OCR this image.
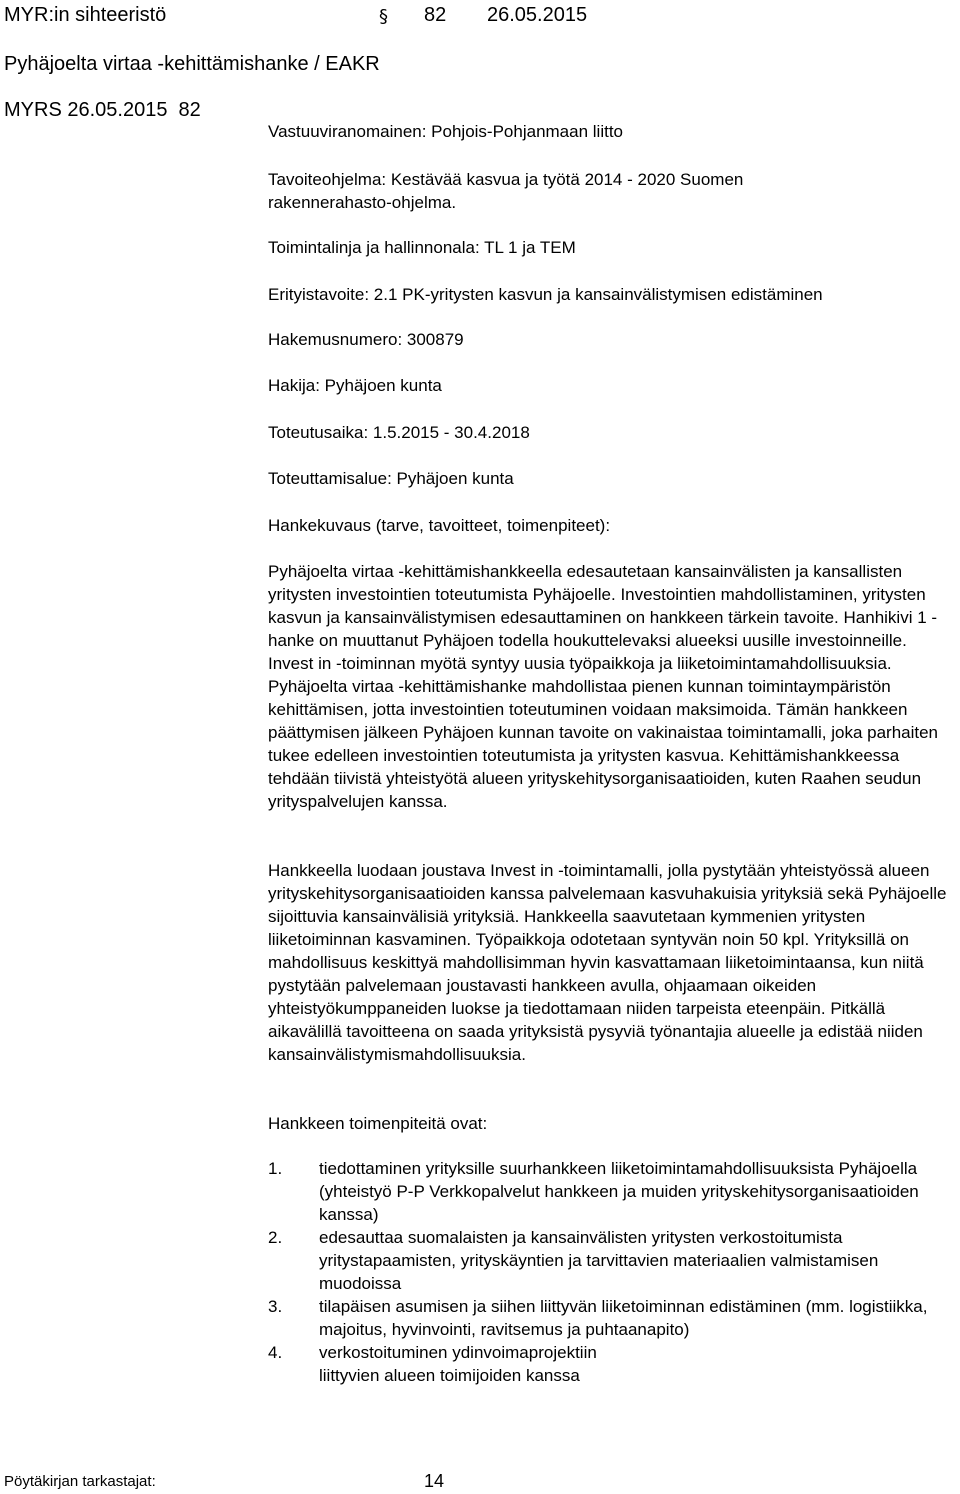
MYR:in sihteeristö	§ 82 26.05.2015
Pyhäjoelta virtaa -kehittämishanke / EAKR
MYRS 26.05.2015  82
Vastuuviranomainen: Pohjois-Pohjanmaan liitto
Tavoiteohjelma: Kestävää kasvua ja työtä 2014 - 2020 Suomen rakennerahasto-ohjelma.
Toimintalinja ja hallinnonala: TL 1 ja TEM
Erityistavoite: 2.1 PK-yritysten kasvun ja kansainvälistymisen edistäminen
Hakemusnumero: 300879
Hakija: Pyhäjoen kunta
Toteutusaika: 1.5.2015 - 30.4.2018
Toteuttamisalue: Pyhäjoen kunta
Hankekuvaus (tarve, tavoitteet, toimenpiteet):

Pyhäjoelta virtaa -kehittämishankkeella edesautetaan kansainvälisten ja kansallisten yritysten investointien toteutumista Pyhäjoelle. Investointien mahdollistaminen, yritysten kasvun ja kansainvälistymisen edesauttaminen on hankkeen tärkein tavoite. Hanhikivi 1 -hanke on muuttanut Pyhäjoen todella houkuttelevaksi alueeksi uusille investoinneille. Invest in -toiminnan myötä syntyy uusia työpaikkoja ja liiketoimintamahdollisuuksia. Pyhäjoelta virtaa -kehittämishanke mahdollistaa pienen kunnan toimintaympäristön kehittämisen, jotta investointien toteutuminen voidaan maksimoida. Tämän hankkeen päättymisen jälkeen Pyhäjoen kunnan tavoite on vakinaistaa toimintamalli, joka parhaiten tukee edelleen investointien toteutumista ja yritysten kasvua. Kehittämishankkeessa tehdään tiivistä yhteistyötä alueen yrityskehitysorganisaatioiden, kuten Raahen seudun yrityspalvelujen kanssa.

Hankkeella luodaan joustava Invest in -toimintamalli, jolla pystytään yhteistyössä alueen yrityskehitysorganisaatioiden kanssa palvelemaan kasvuhakuisia yrityksiä sekä Pyhäjoelle sijoittuvia kansainvälisiä yrityksiä. Hankkeella saavutetaan kymmenien yritysten liiketoiminnan kasvaminen. Työpaikkoja odotetaan syntyvän noin 50 kpl. Yrityksillä on mahdollisuus keskittyä mahdollisimman hyvin kasvattamaan liiketoimintaansa, kun niitä pystytään palvelemaan joustavasti hankkeen avulla, ohjaamaan oikeiden yhteistyökumppaneiden luokse ja tiedottamaan niiden tarpeista eteenpäin. Pitkällä aikavälillä tavoitteena on saada yrityksistä pysyviä työnantajia alueelle ja edistää niiden kansainvälistymismahdollisuuksia.

Hankkeen toimenpiteitä ovat:
1. tiedottaminen yrityksille suurhankkeen liiketoimintamahdollisuuksista Pyhäjoella (yhteistyö P-P Verkkopalvelut hankkeen ja muiden yrityskehitysorganisaatioiden kanssa)
2. edesauttaa suomalaisten ja kansainvälisten yritysten verkostoitumista yritystapaamisten, yrityskäyntien ja tarvittavien materiaalien valmistamisen muodoissa
3. tilapäisen asumisen ja siihen liittyvän liiketoiminnan edistäminen (mm. logistiikka, majoitus, hyvinvointi, ravitsemus ja puhtaanapito)
4. verkostoituminen ydinvoimaprojektiin liittyvien alueen toimijoiden kanssa
Pöytäkirjan tarkastajat:	14
